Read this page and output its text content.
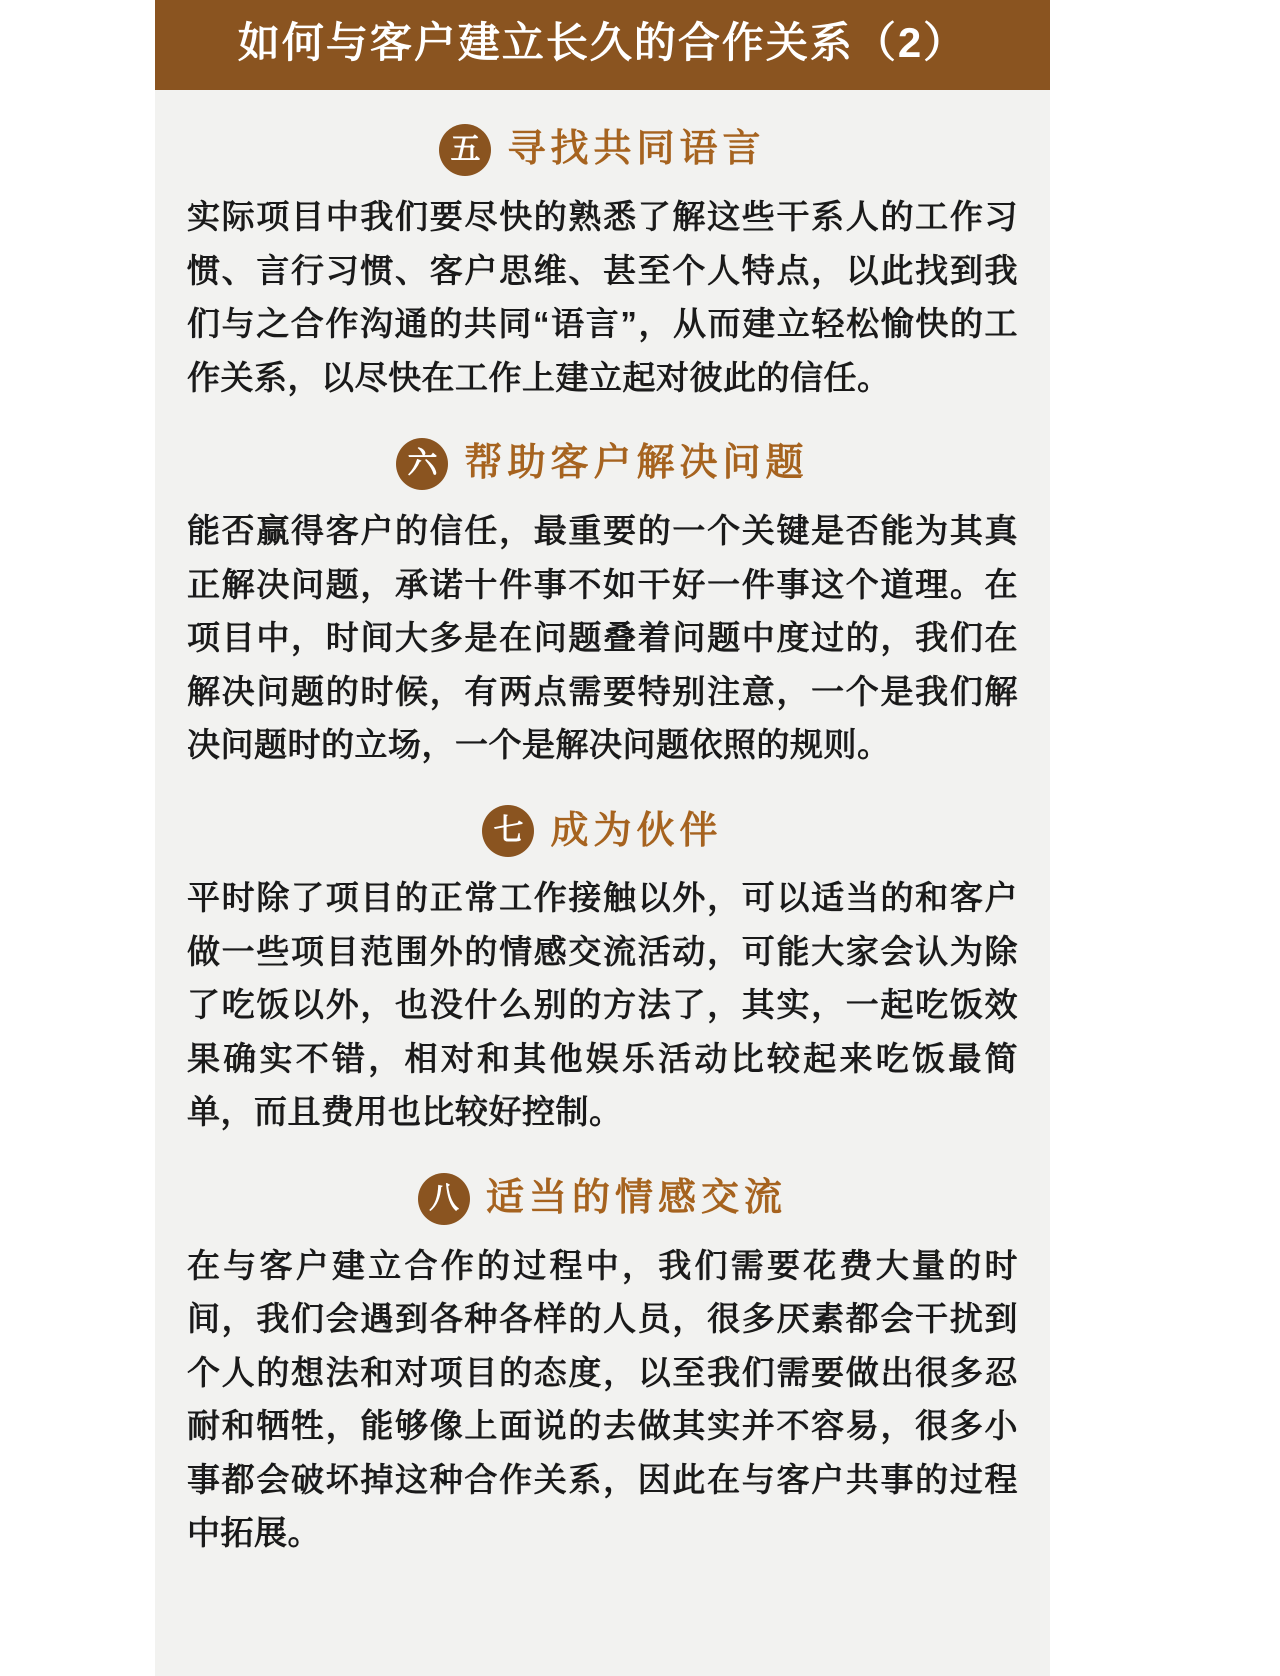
如何与客户建立长久的合作关系（2）
五 寻找共同语言

实际项目中我们要尽快的熟悉了解这些干系人的工作习惯、言行习惯、客户思维、甚至个人特点，以此找到我们与之合作沟通的共同“语言”，从而建立轻松愉快的工作关系，以尽快在工作上建立起对彼此的信任。

六 帮助客户解决问题

能否赢得客户的信任，最重要的一个关键是否能为其真正解决问题，承诺十件事不如干好一件事这个道理。在项目中，时间大多是在问题叠着问题中度过的，我们在解决问题的时候，有两点需要特别注意，一个是我们解决问题时的立场，一个是解决问题依照的规则。

七 成为伙伴

平时除了项目的正常工作接触以外，可以适当的和客户做一些项目范围外的情感交流活动，可能大家会认为除了吃饭以外，也没什么别的方法了，其实，一起吃饭效果确实不错，相对和其他娱乐活动比较起来吃饭最简单，而且费用也比较好控制。

八 适当的情感交流

在与客户建立合作的过程中，我们需要花费大量的时间，我们会遇到各种各样的人员，很多厌素都会干扰到个人的想法和对项目的态度，以至我们需要做出很多忍耐和牺牲，能够像上面说的去做其实并不容易，很多小事都会破坏掉这种合作关系，因此在与客户共事的过程中拓展。
